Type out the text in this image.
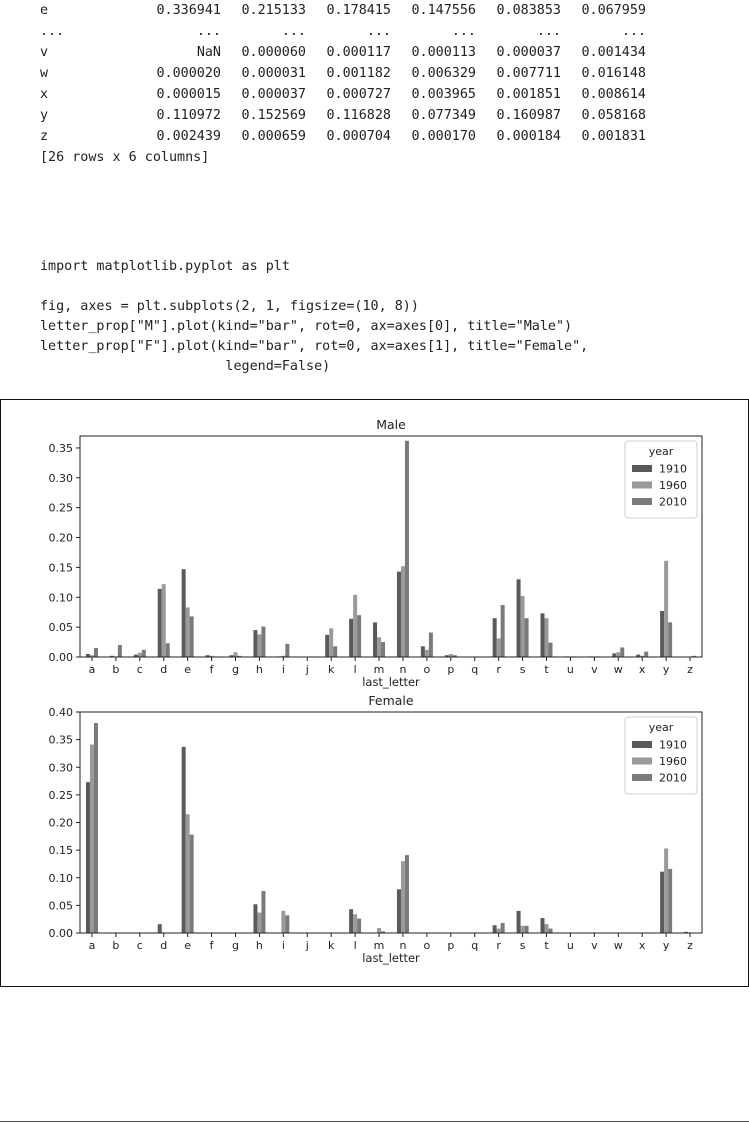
e	0.336941 0.215133 0.178415 0.147556 0.083853 0.067959
...	...	...	...	...	...	...
v	NaN 0.000060 0.000117 0.000113 0.000037 0.001434
w	0.000020 0.000031 0.001182 0.006329 0.007711 0.016148
x	0.000015 0.000037 0.000727 0.003965 0.001851 0.008614
y	0.110972 0.152569 0.116828 0.077349 0.160987 0.058168
z	0.002439 0.000659 0.000704 0.000170 0.000184 0.001831
[26 rows x 6 columns]
import matplotlib.pyplot as plt
fig, axes = plt.subplots(2, 1, figsize=(10, 8))
letter_prop["M"].plot(kind="bar", rot=0, ax=axes[0], title="Male")
letter_prop["F"].plot(kind="bar", rot=0, ax=axes[1], title="Female",
legend=False)
Male
0.00
0.05
0.10
0.15
0.20
0.25
0.30
0.35
a b c d e f g h i j k l m n o p q r s t u v w x y z
last_letter
year
1910
1960
2010
Female
0.00
0.05
0.10
0.15
0.20
0.25
0.30
0.35
0.40
a b c d e f g h i j k l m n o p q r s t u v w x y z
last_letter
year
1910
1960
2010
